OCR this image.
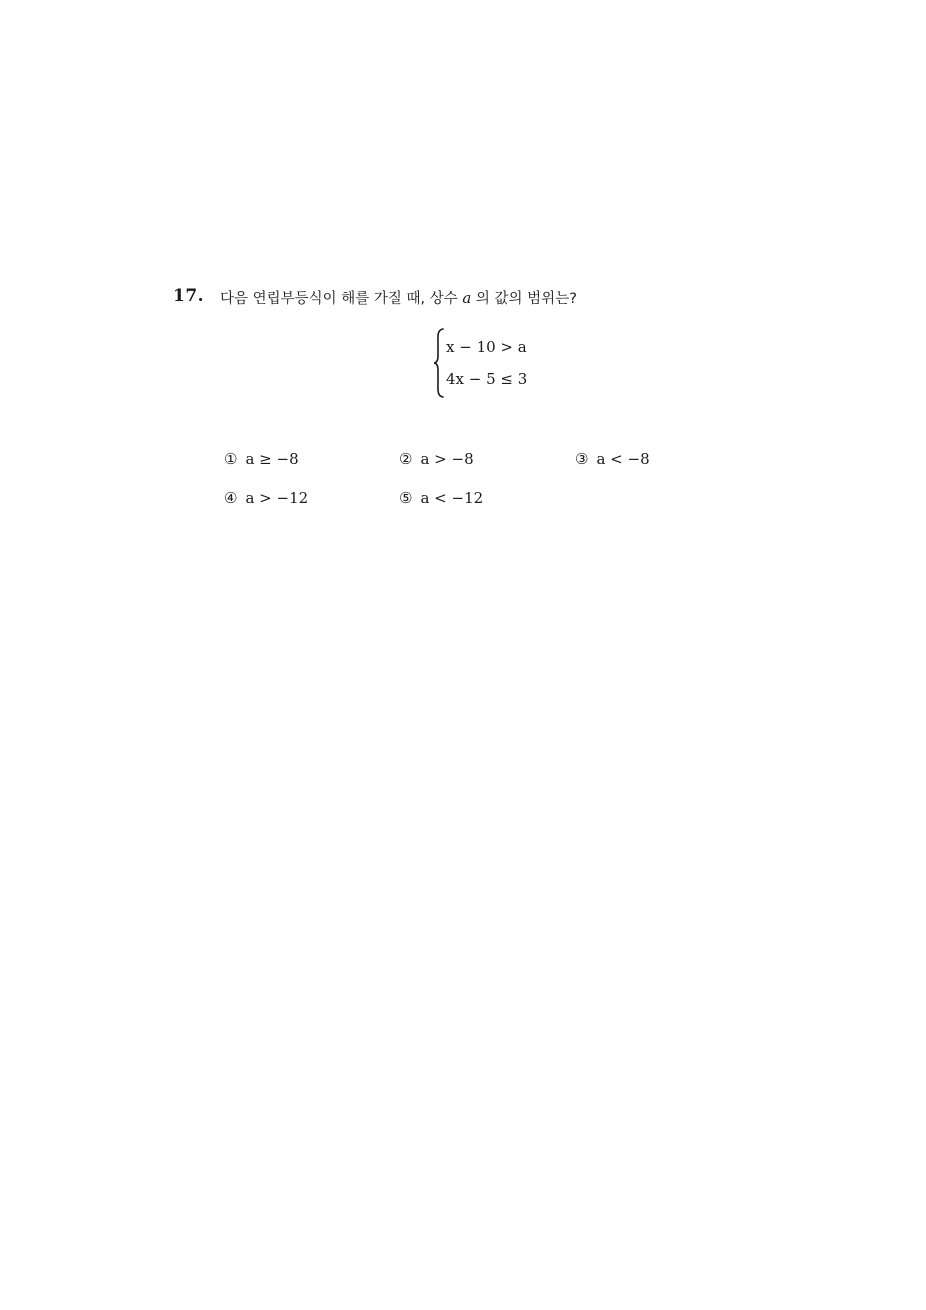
17. 다음 연립부등식이 해를 가질 때, 상수 a 의 값의 범위는?
x − 10 > a
4x − 5 ≤ 3
① a ≥ −8	② a > −8	③ a < −8
④ a > −12	⑤ a < −12
